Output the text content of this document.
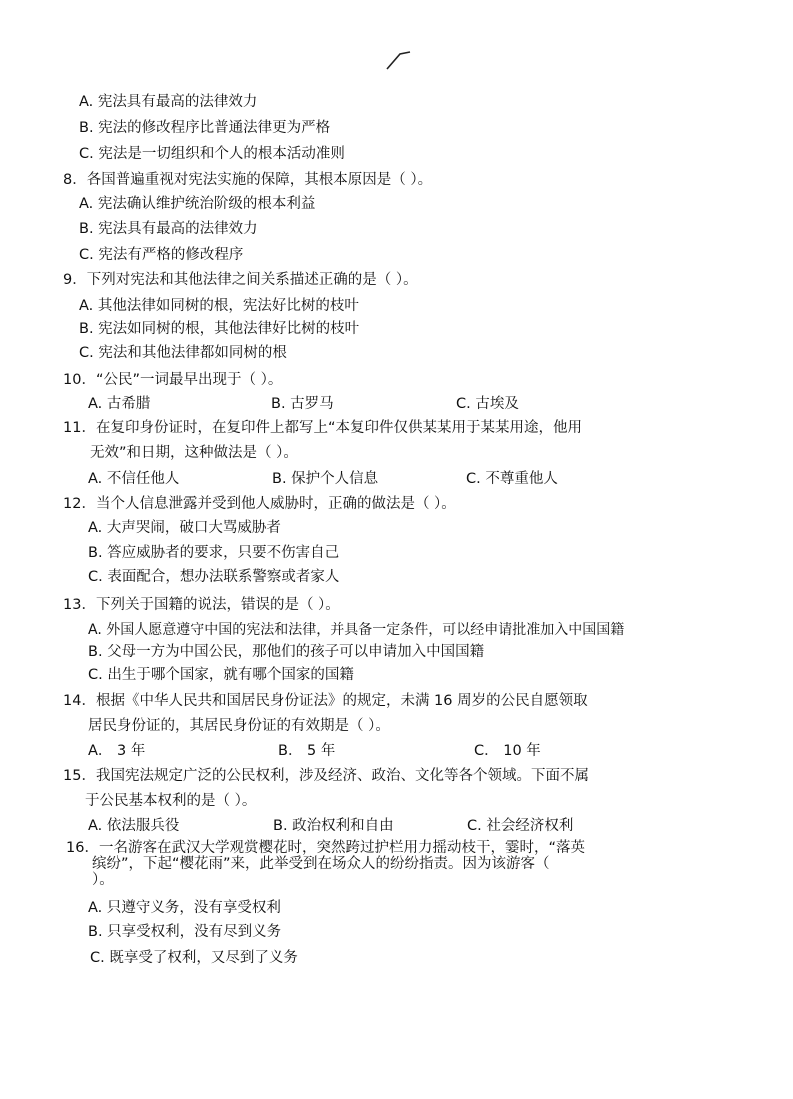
A. 宪法具有最高的法律效力
B. 宪法的修改程序比普通法律更为严格
C. 宪法是一切组织和个人的根本活动准则
8．各国普遍重视对宪法实施的保障，其根本原因是（ ）。
A. 宪法确认维护统治阶级的根本利益
B. 宪法具有最高的法律效力
C. 宪法有严格的修改程序
9．下列对宪法和其他法律之间关系描述正确的是（ ）。
A. 其他法律如同树的根，宪法好比树的枝叶
B. 宪法如同树的根，其他法律好比树的枝叶
C. 宪法和其他法律都如同树的根
10．“公民”一词最早出现于（ ）。
A. 古希腊	B. 古罗马	C. 古埃及
11．在复印身份证时，在复印件上都写上“本复印件仅供某某用于某某用途，他用
无效”和日期，这种做法是（ ）。
A. 不信任他人	B. 保护个人信息	C. 不尊重他人
12．当个人信息泄露并受到他人威胁时，正确的做法是（ ）。
A. 大声哭闹，破口大骂威胁者
B. 答应威胁者的要求，只要不伤害自己
C. 表面配合，想办法联系警察或者家人
13．下列关于国籍的说法，错误的是（ ）。
A. 外国人愿意遵守中国的宪法和法律，并具备一定条件，可以经申请批准加入中国国籍
B. 父母一方为中国公民，那他们的孩子可以申请加入中国国籍
C. 出生于哪个国家，就有哪个国家的国籍
14．根据《中华人民共和国居民身份证法》的规定，未满 16 周岁的公民自愿领取
居民身份证的，其居民身份证的有效期是（ ）。
A． 3 年	B． 5 年	C． 10 年
15．我国宪法规定广泛的公民权利，涉及经济、政治、文化等各个领域。下面不属
于公民基本权利的是（ ）。
A. 依法服兵役	B. 政治权利和自由	C. 社会经济权利
16．一名游客在武汉大学观赏樱花时，突然跨过护栏用力摇动枝干，霎时，“落英
缤纷”，下起“樱花雨”来，此举受到在场众人的纷纷指责。因为该游客（
）。
A. 只遵守义务，没有享受权利
B. 只享受权利，没有尽到义务
C. 既享受了权利，又尽到了义务
